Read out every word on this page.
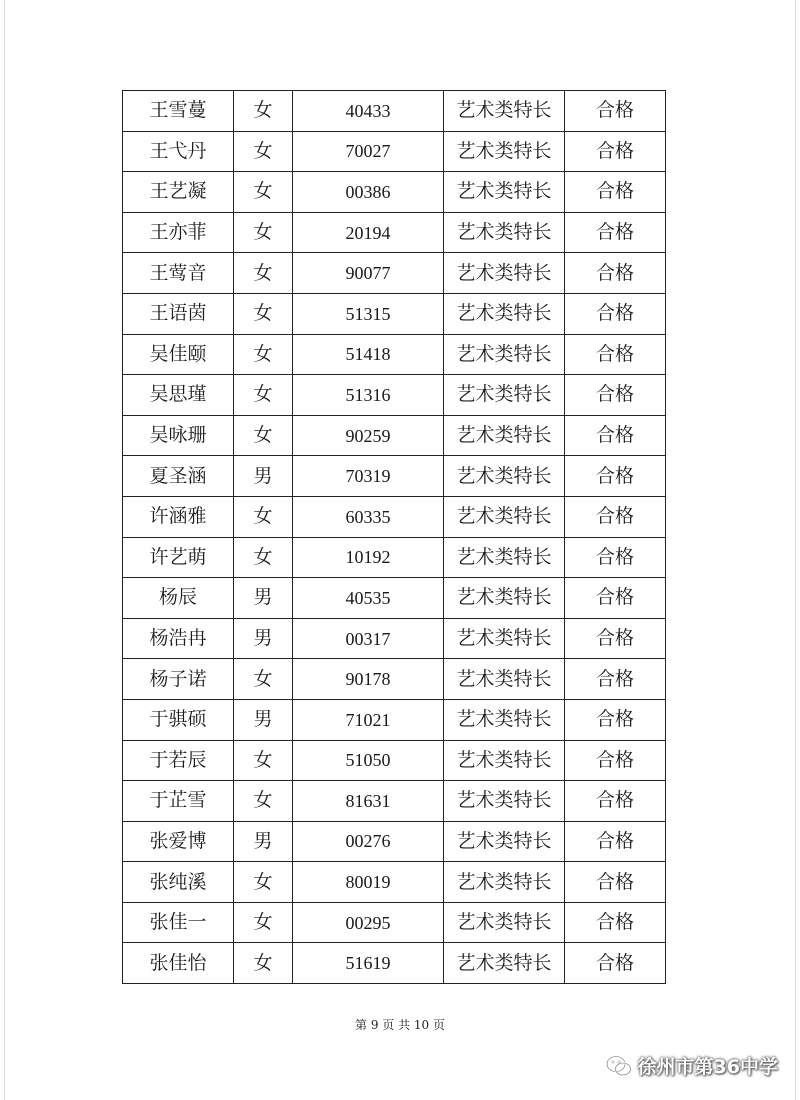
王雪蔓	女	40433	艺术类特长	合格
王弋丹	女	70027	艺术类特长	合格
王艺凝	女	00386	艺术类特长	合格
王亦菲	女	20194	艺术类特长	合格
王莺音	女	90077	艺术类特长	合格
王语茵	女	51315	艺术类特长	合格
吴佳颐	女	51418	艺术类特长	合格
吴思瑾	女	51316	艺术类特长	合格
吴咏珊	女	90259	艺术类特长	合格
夏圣涵	男	70319	艺术类特长	合格
许涵雅	女	60335	艺术类特长	合格
许艺萌	女	10192	艺术类特长	合格
杨辰	男	40535	艺术类特长	合格
杨浩冉	男	00317	艺术类特长	合格
杨子诺	女	90178	艺术类特长	合格
于骐硕	男	71021	艺术类特长	合格
于若辰	女	51050	艺术类特长	合格
于芷雪	女	81631	艺术类特长	合格
张爱博	男	00276	艺术类特长	合格
张纯溪	女	80019	艺术类特长	合格
张佳一	女	00295	艺术类特长	合格
张佳怡	女	51619	艺术类特长	合格
第 9 页 共 10 页
徐州市第36中学
